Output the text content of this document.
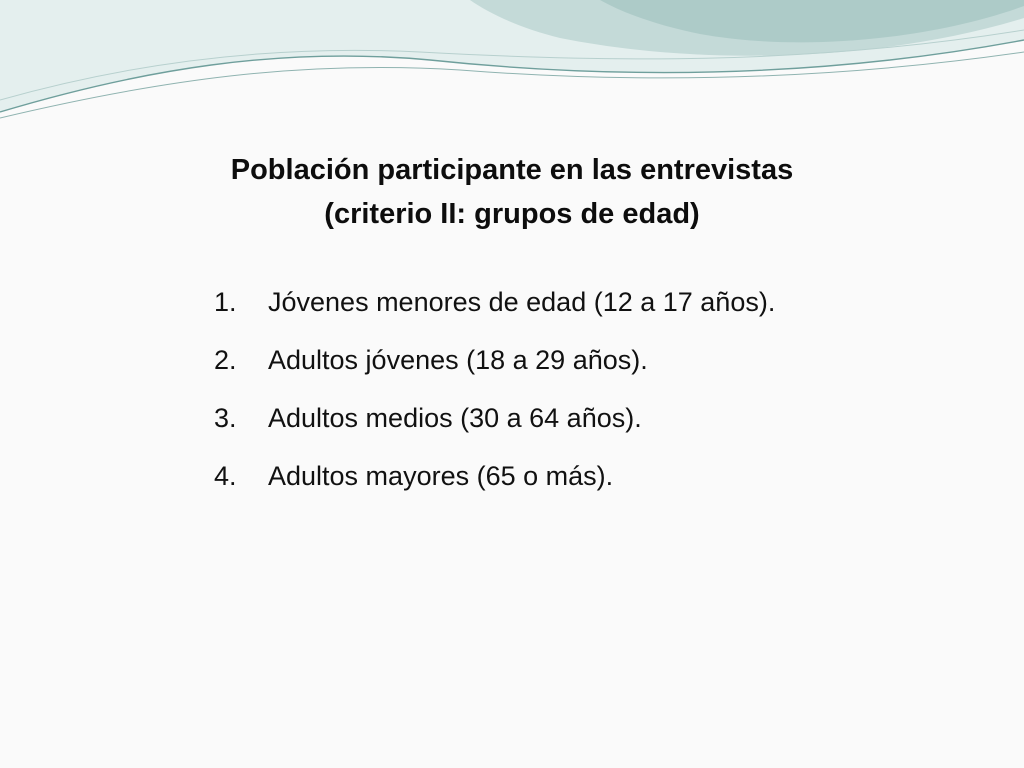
Población participante en las entrevistas
(criterio II: grupos de edad)
1.	Jóvenes menores de edad (12 a 17 años).
2.	Adultos jóvenes (18 a 29 años).
3.	Adultos medios (30 a 64 años).
4.	Adultos mayores (65 o más).
